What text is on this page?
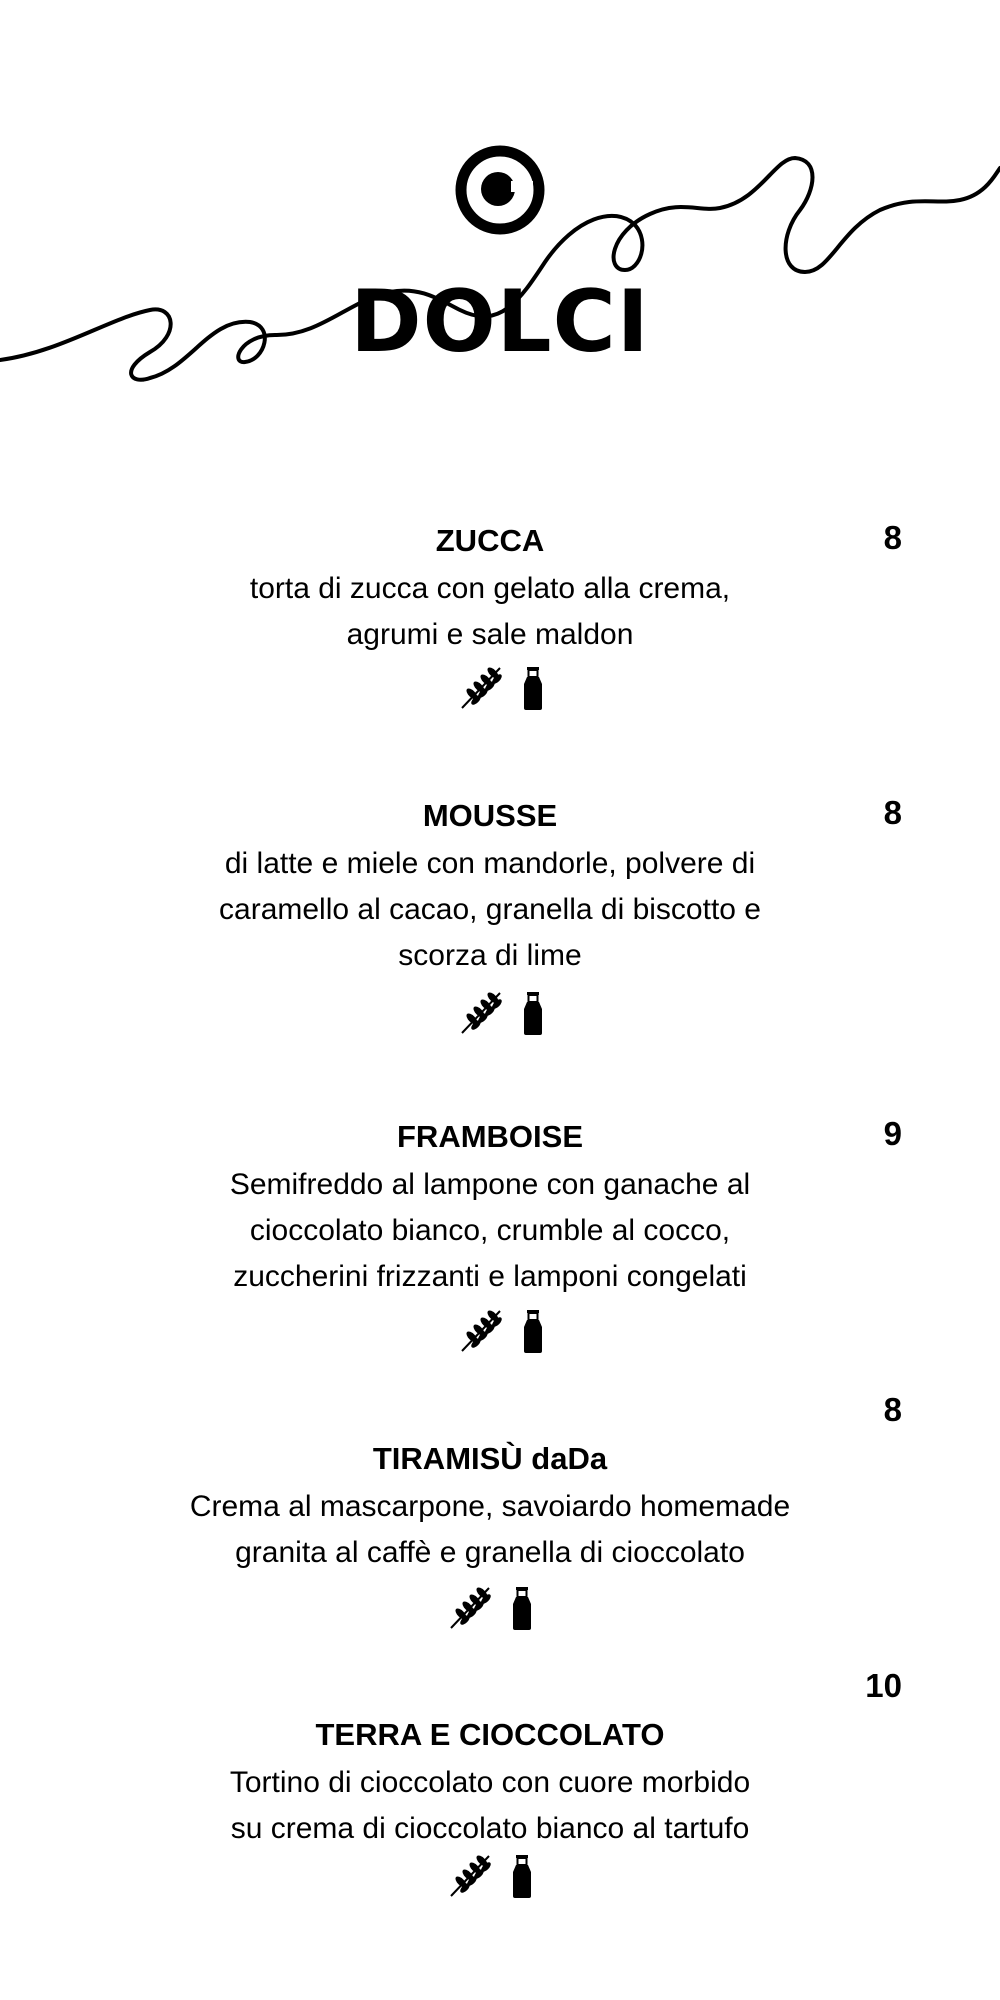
DOLCI
ZUCCA	8
torta di zucca con gelato alla crema,
agrumi e sale maldon
MOUSSE	8
di latte e miele con mandorle, polvere di
caramello al cacao, granella di biscotto e
scorza di lime
FRAMBOISE	9
Semifreddo al lampone con ganache al
cioccolato bianco, crumble al cocco,
zuccherini frizzanti e lamponi congelati
8
TIRAMISÙ daDa
Crema al mascarpone, savoiardo homemade
granita al caffè e granella di cioccolato
10
TERRA E CIOCCOLATO
Tortino di cioccolato con cuore morbido
su crema di cioccolato bianco al tartufo
